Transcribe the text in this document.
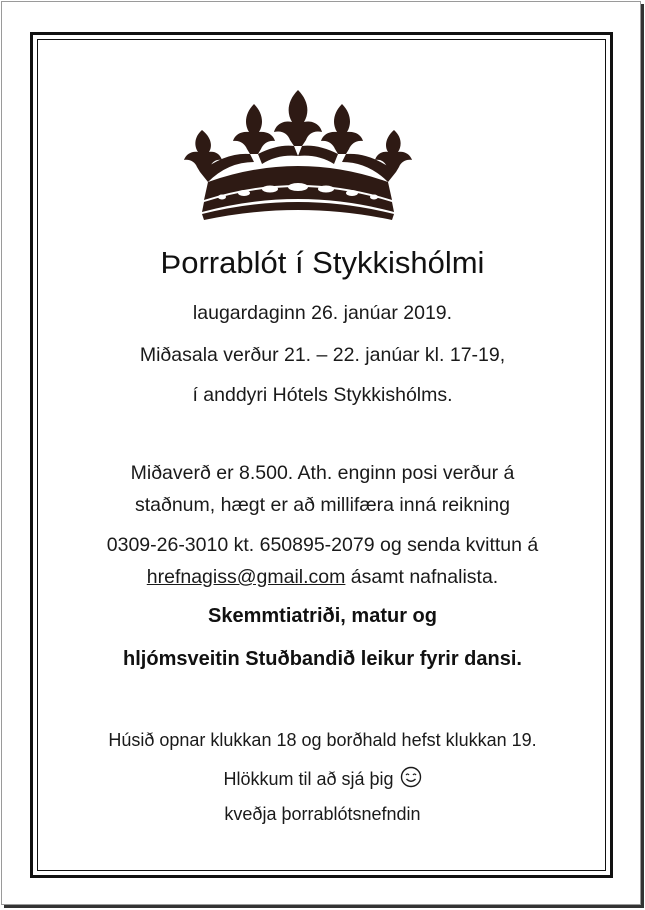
Þorrablót í Stykkishólmi
laugardaginn 26. janúar 2019.
Miðasala verður 21. – 22. janúar kl. 17-19,
í anddyri Hótels Stykkishólms.
Miðaverð er 8.500. Ath. enginn posi verður á
staðnum, hægt er að millifæra inná reikning
0309-26-3010 kt. 650895-2079 og senda kvittun á
hrefnagiss@gmail.com ásamt nafnalista.
Skemmtiatriði, matur og
hljómsveitin Stuðbandið leikur fyrir dansi.
Húsið opnar klukkan 18 og borðhald hefst klukkan 19.
Hlökkum til að sjá þig
kveðja þorrablótsnefndin
